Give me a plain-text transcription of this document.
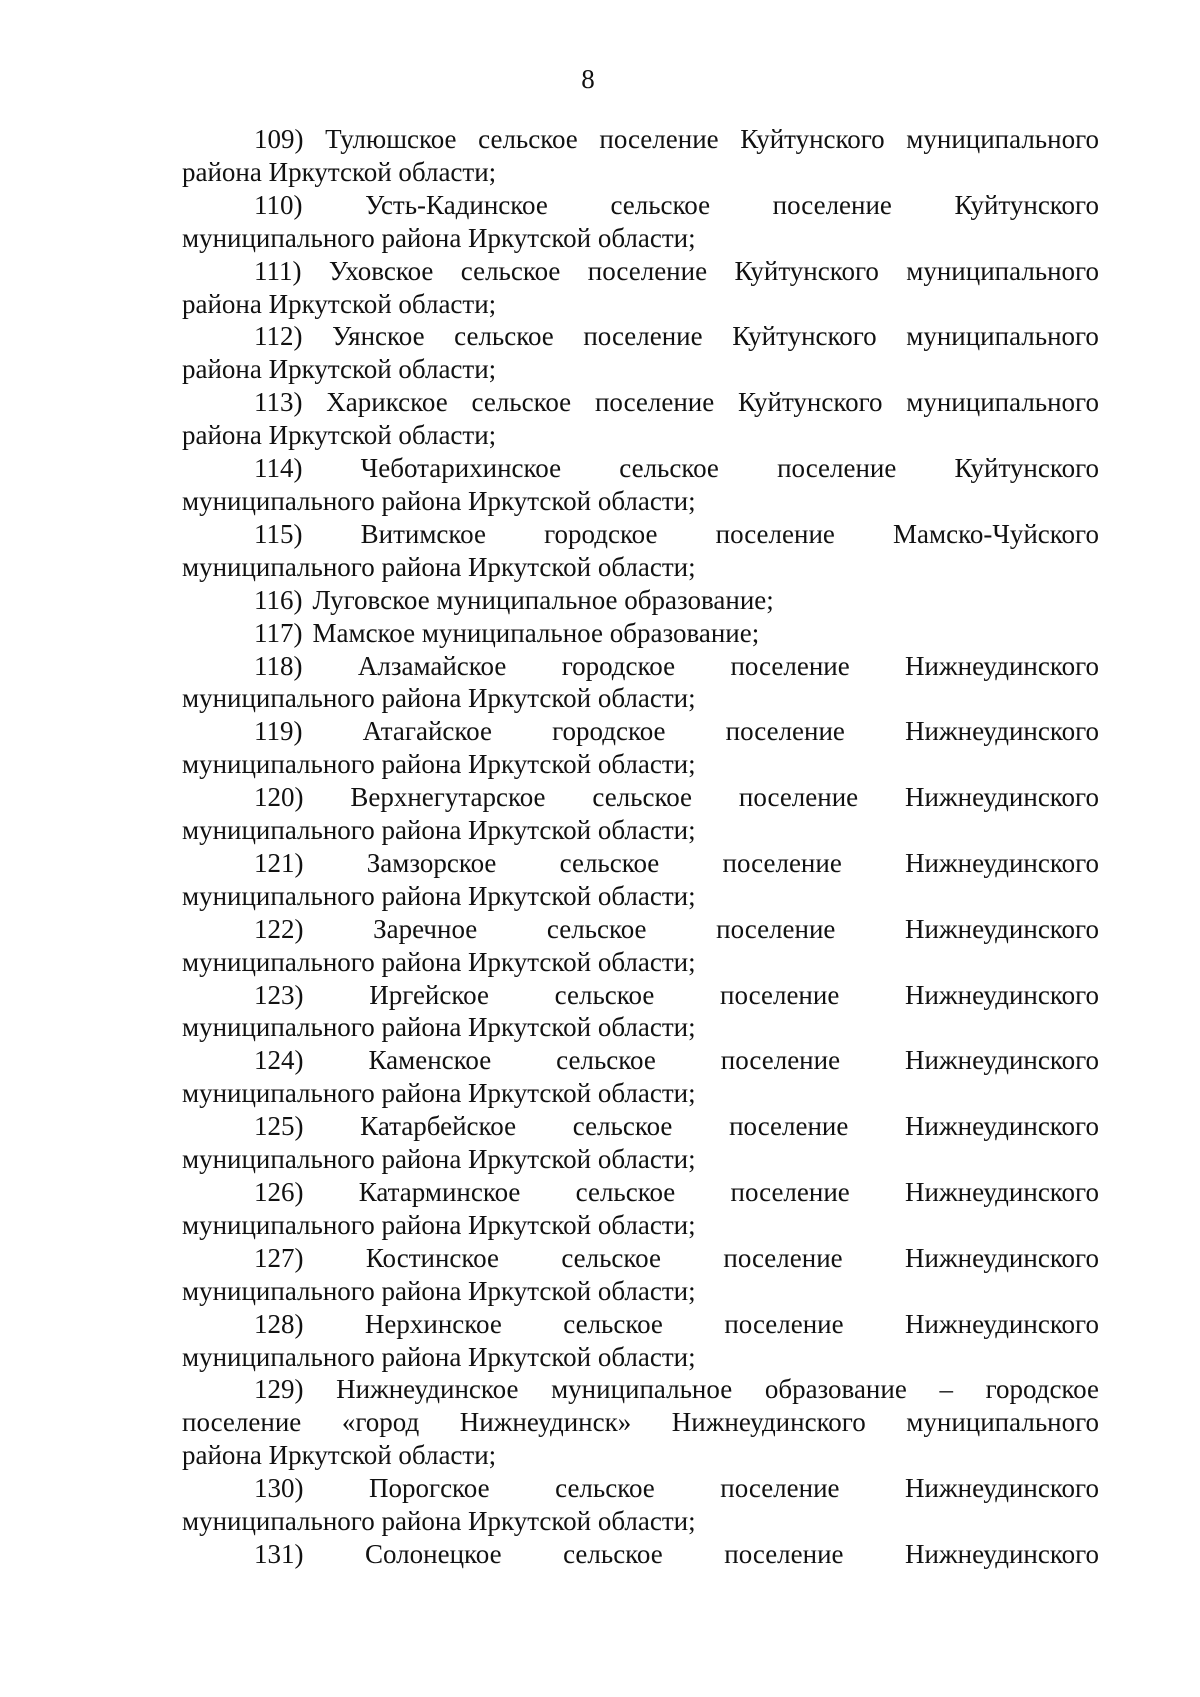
8
109) Тулюшское сельское поселение Куйтунского муниципального
района Иркутской области;
110) Усть-Кадинское сельское поселение Куйтунского
муниципального района Иркутской области;
111) Уховское сельское поселение Куйтунского муниципального
района Иркутской области;
112) Уянское сельское поселение Куйтунского муниципального
района Иркутской области;
113) Харикское сельское поселение Куйтунского муниципального
района Иркутской области;
114) Чеботарихинское сельское поселение Куйтунского
муниципального района Иркутской области;
115) Витимское городское поселение Мамско-Чуйского
муниципального района Иркутской области;
116) Луговское муниципальное образование;
117) Мамское муниципальное образование;
118) Алзамайское городское поселение Нижнеудинского
муниципального района Иркутской области;
119) Атагайское городское поселение Нижнеудинского
муниципального района Иркутской области;
120) Верхнегутарское сельское поселение Нижнеудинского
муниципального района Иркутской области;
121) Замзорское сельское поселение Нижнеудинского
муниципального района Иркутской области;
122)	Заречное	сельское	поселение	Нижнеудинского
муниципального района Иркутской области;
123) Иргейское сельское поселение Нижнеудинского
муниципального района Иркутской области;
124) Каменское сельское поселение Нижнеудинского
муниципального района Иркутской области;
125) Катарбейское сельское поселение Нижнеудинского
муниципального района Иркутской области;
126) Катарминское сельское поселение Нижнеудинского
муниципального района Иркутской области;
127) Костинское сельское поселение Нижнеудинского
муниципального района Иркутской области;
128) Нерхинское сельское поселение Нижнеудинского
муниципального района Иркутской области;
129) Нижнеудинское муниципальное образование – городское
поселение «город Нижнеудинск» Нижнеудинского муниципального
района Иркутской области;
130) Порогское сельское поселение Нижнеудинского
муниципального района Иркутской области;
131) Солонецкое сельское поселение Нижнеудинского
